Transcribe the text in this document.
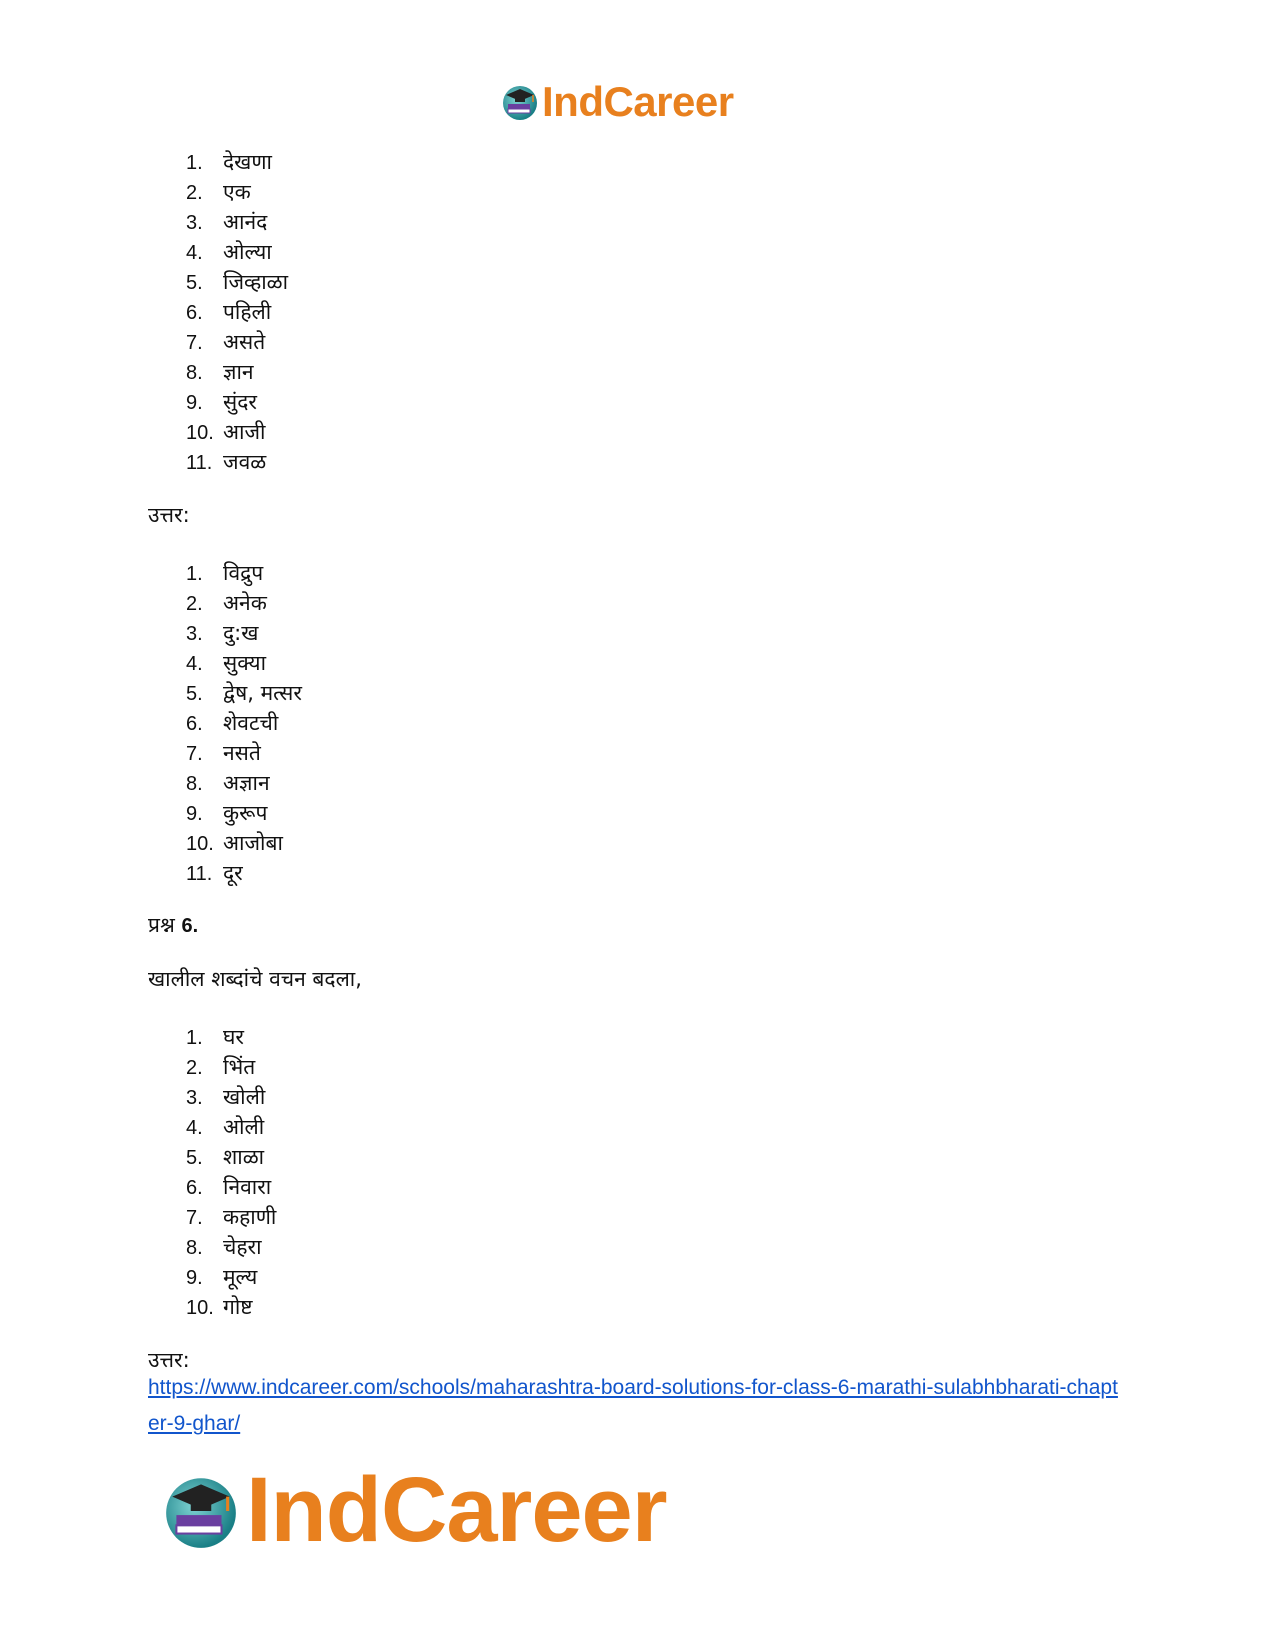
IndCareer
1. देखणा
2. एक
3. आनंद
4. ओल्या
5. जिव्हाळा
6. पहिली
7. असते
8. ज्ञान
9. सुंदर
10. आजी
11. जवळ

उत्तर:

1. विद्रुप
2. अनेक
3. दु:ख
4. सुक्या
5. द्वेष, मत्सर
6. शेवटची
7. नसते
8. अज्ञान
9. कुरूप
10. आजोबा
11. दूर

प्रश्न 6.

खालील शब्दांचे वचन बदला,

1. घर
2. भिंत
3. खोली
4. ओली
5. शाळा
6. निवारा
7. कहाणी
8. चेहरा
9. मूल्य
10. गोष्ट

उत्तर:

https://www.indcareer.com/schools/maharashtra-board-solutions-for-class-6-marathi-sulabhbharati-chapter-9-ghar/
IndCareer
